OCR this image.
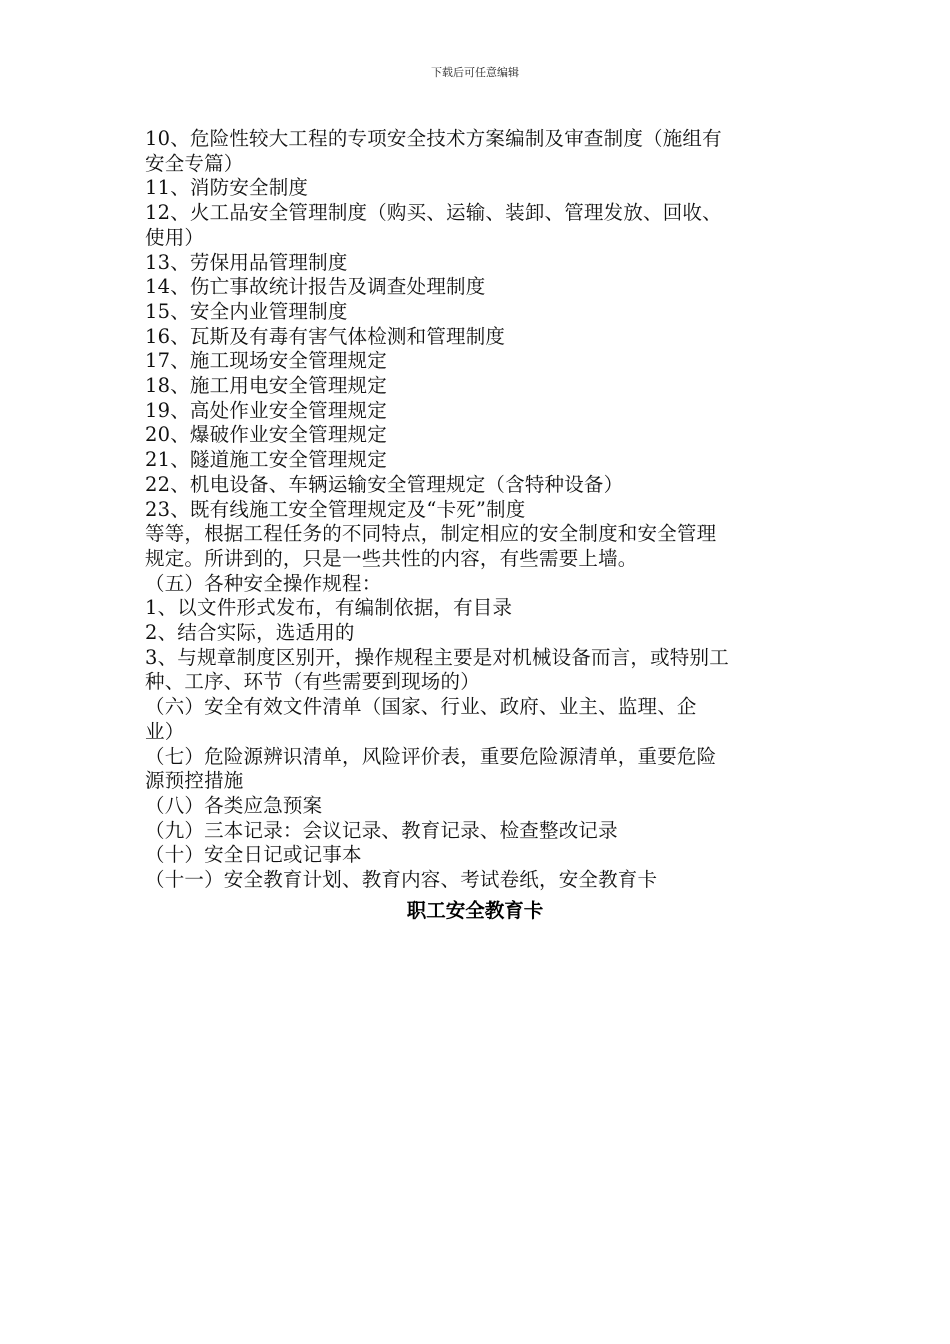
下载后可任意编辑
10、危险性较大工程的专项安全技术方案编制及审查制度（施组有
安全专篇）
11、消防安全制度
12、火工品安全管理制度（购买、运输、装卸、管理发放、回收、
使用）
13、劳保用品管理制度
14、伤亡事故统计报告及调查处理制度
15、安全内业管理制度
16、瓦斯及有毒有害气体检测和管理制度
17、施工现场安全管理规定
18、施工用电安全管理规定
19、高处作业安全管理规定
20、爆破作业安全管理规定
21、隧道施工安全管理规定
22、机电设备、车辆运输安全管理规定（含特种设备）
23、既有线施工安全管理规定及“卡死”制度
等等，根据工程任务的不同特点，制定相应的安全制度和安全管理
规定。所讲到的，只是一些共性的内容，有些需要上墙。
（五）各种安全操作规程：
1、以文件形式发布，有编制依据，有目录
2、结合实际，选适用的
3、与规章制度区别开，操作规程主要是对机械设备而言，或特别工
种、工序、环节（有些需要到现场的）
（六）安全有效文件清单（国家、行业、政府、业主、监理、企
业）
（七）危险源辨识清单，风险评价表，重要危险源清单，重要危险
源预控措施
（八）各类应急预案
（九）三本记录：会议记录、教育记录、检查整改记录
（十）安全日记或记事本
（十一）安全教育计划、教育内容、考试卷纸，安全教育卡
职工安全教育卡
